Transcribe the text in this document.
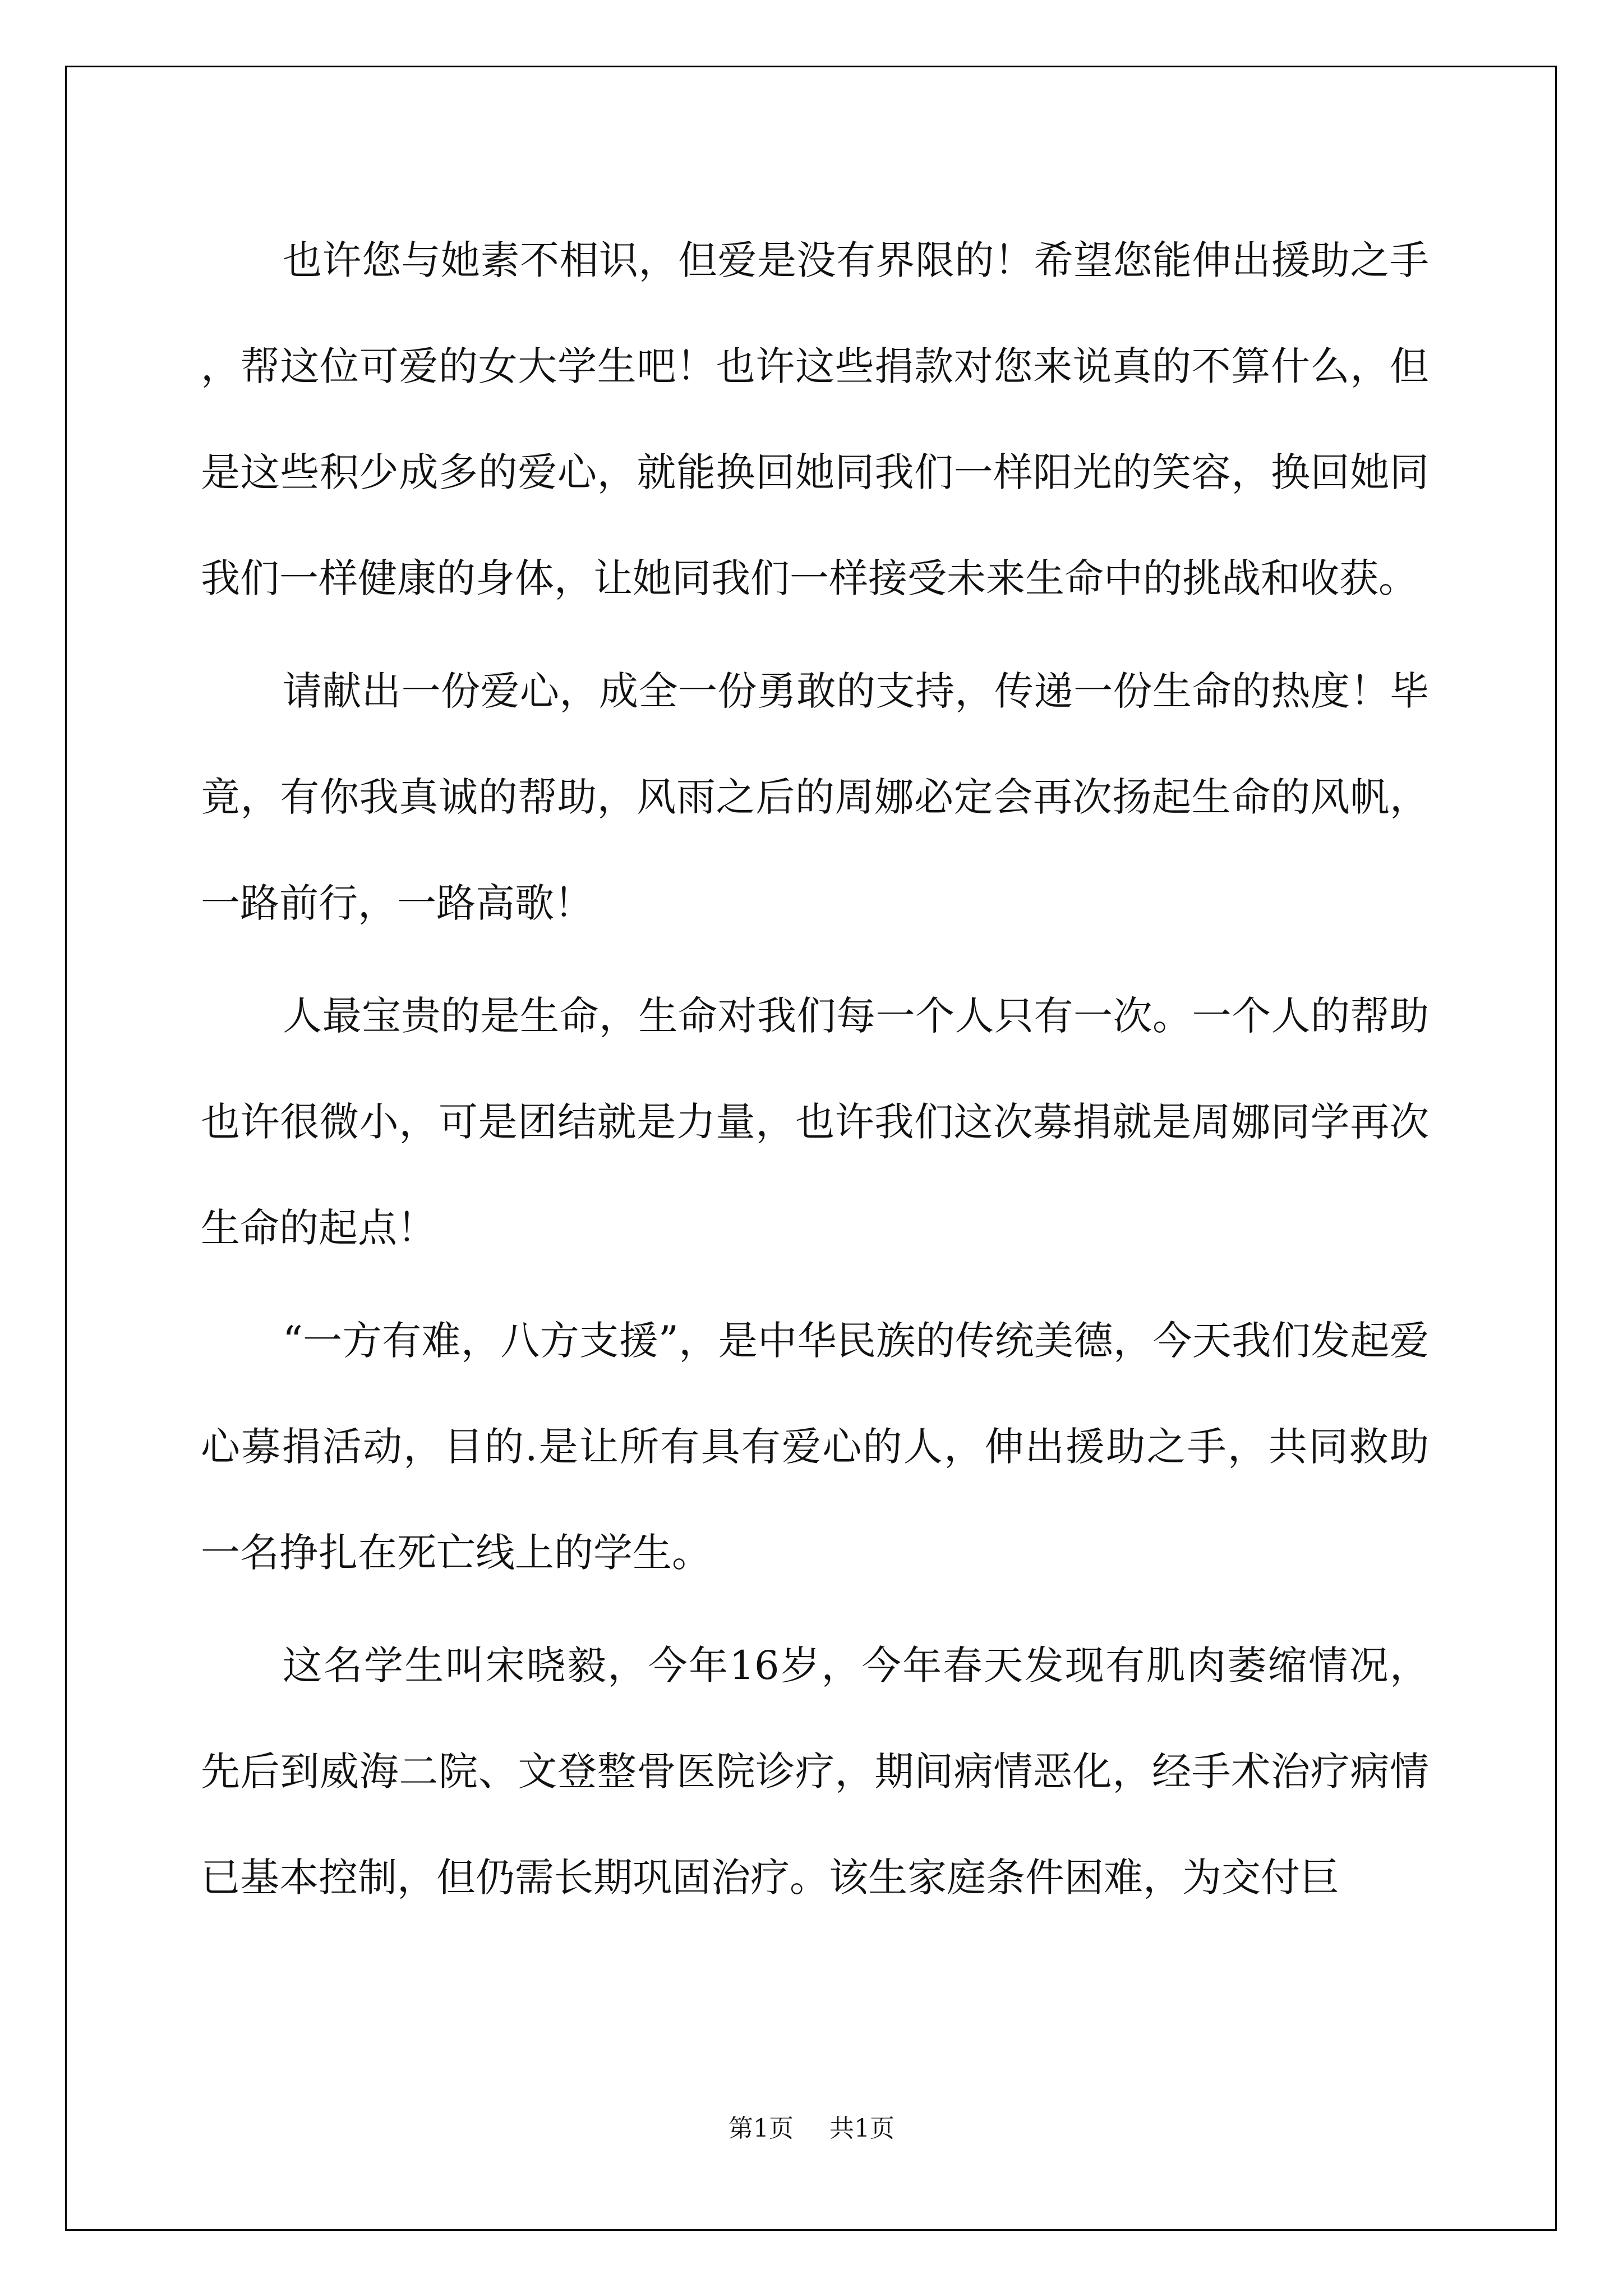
也许您与她素不相识，但爱是没有界限的！希望您能伸出援助之手，帮这位可爱的女大学生吧！也许这些捐款对您来说真的不算什么，但是这些积少成多的爱心，就能换回她同我们一样阳光的笑容，换回她同我们一样健康的身体，让她同我们一样接受未来生命中的挑战和收获。

请献出一份爱心，成全一份勇敢的支持，传递一份生命的热度！毕竟，有你我真诚的帮助，风雨之后的周娜必定会再次扬起生命的风帆，一路前行，一路高歌！

人最宝贵的是生命，生命对我们每一个人只有一次。一个人的帮助也许很微小，可是团结就是力量，也许我们这次募捐就是周娜同学再次生命的起点！

“一方有难，八方支援”，是中华民族的传统美德，今天我们发起爱心募捐活动，目的.是让所有具有爱心的人，伸出援助之手，共同救助一名挣扎在死亡线上的学生。

这名学生叫宋晓毅，今年16岁，今年春天发现有肌肉萎缩情况，先后到威海二院、文登整骨医院诊疗，期间病情恶化，经手术治疗病情已基本控制，但仍需长期巩固治疗。该生家庭条件困难，为交付巨

第1页 共1页
